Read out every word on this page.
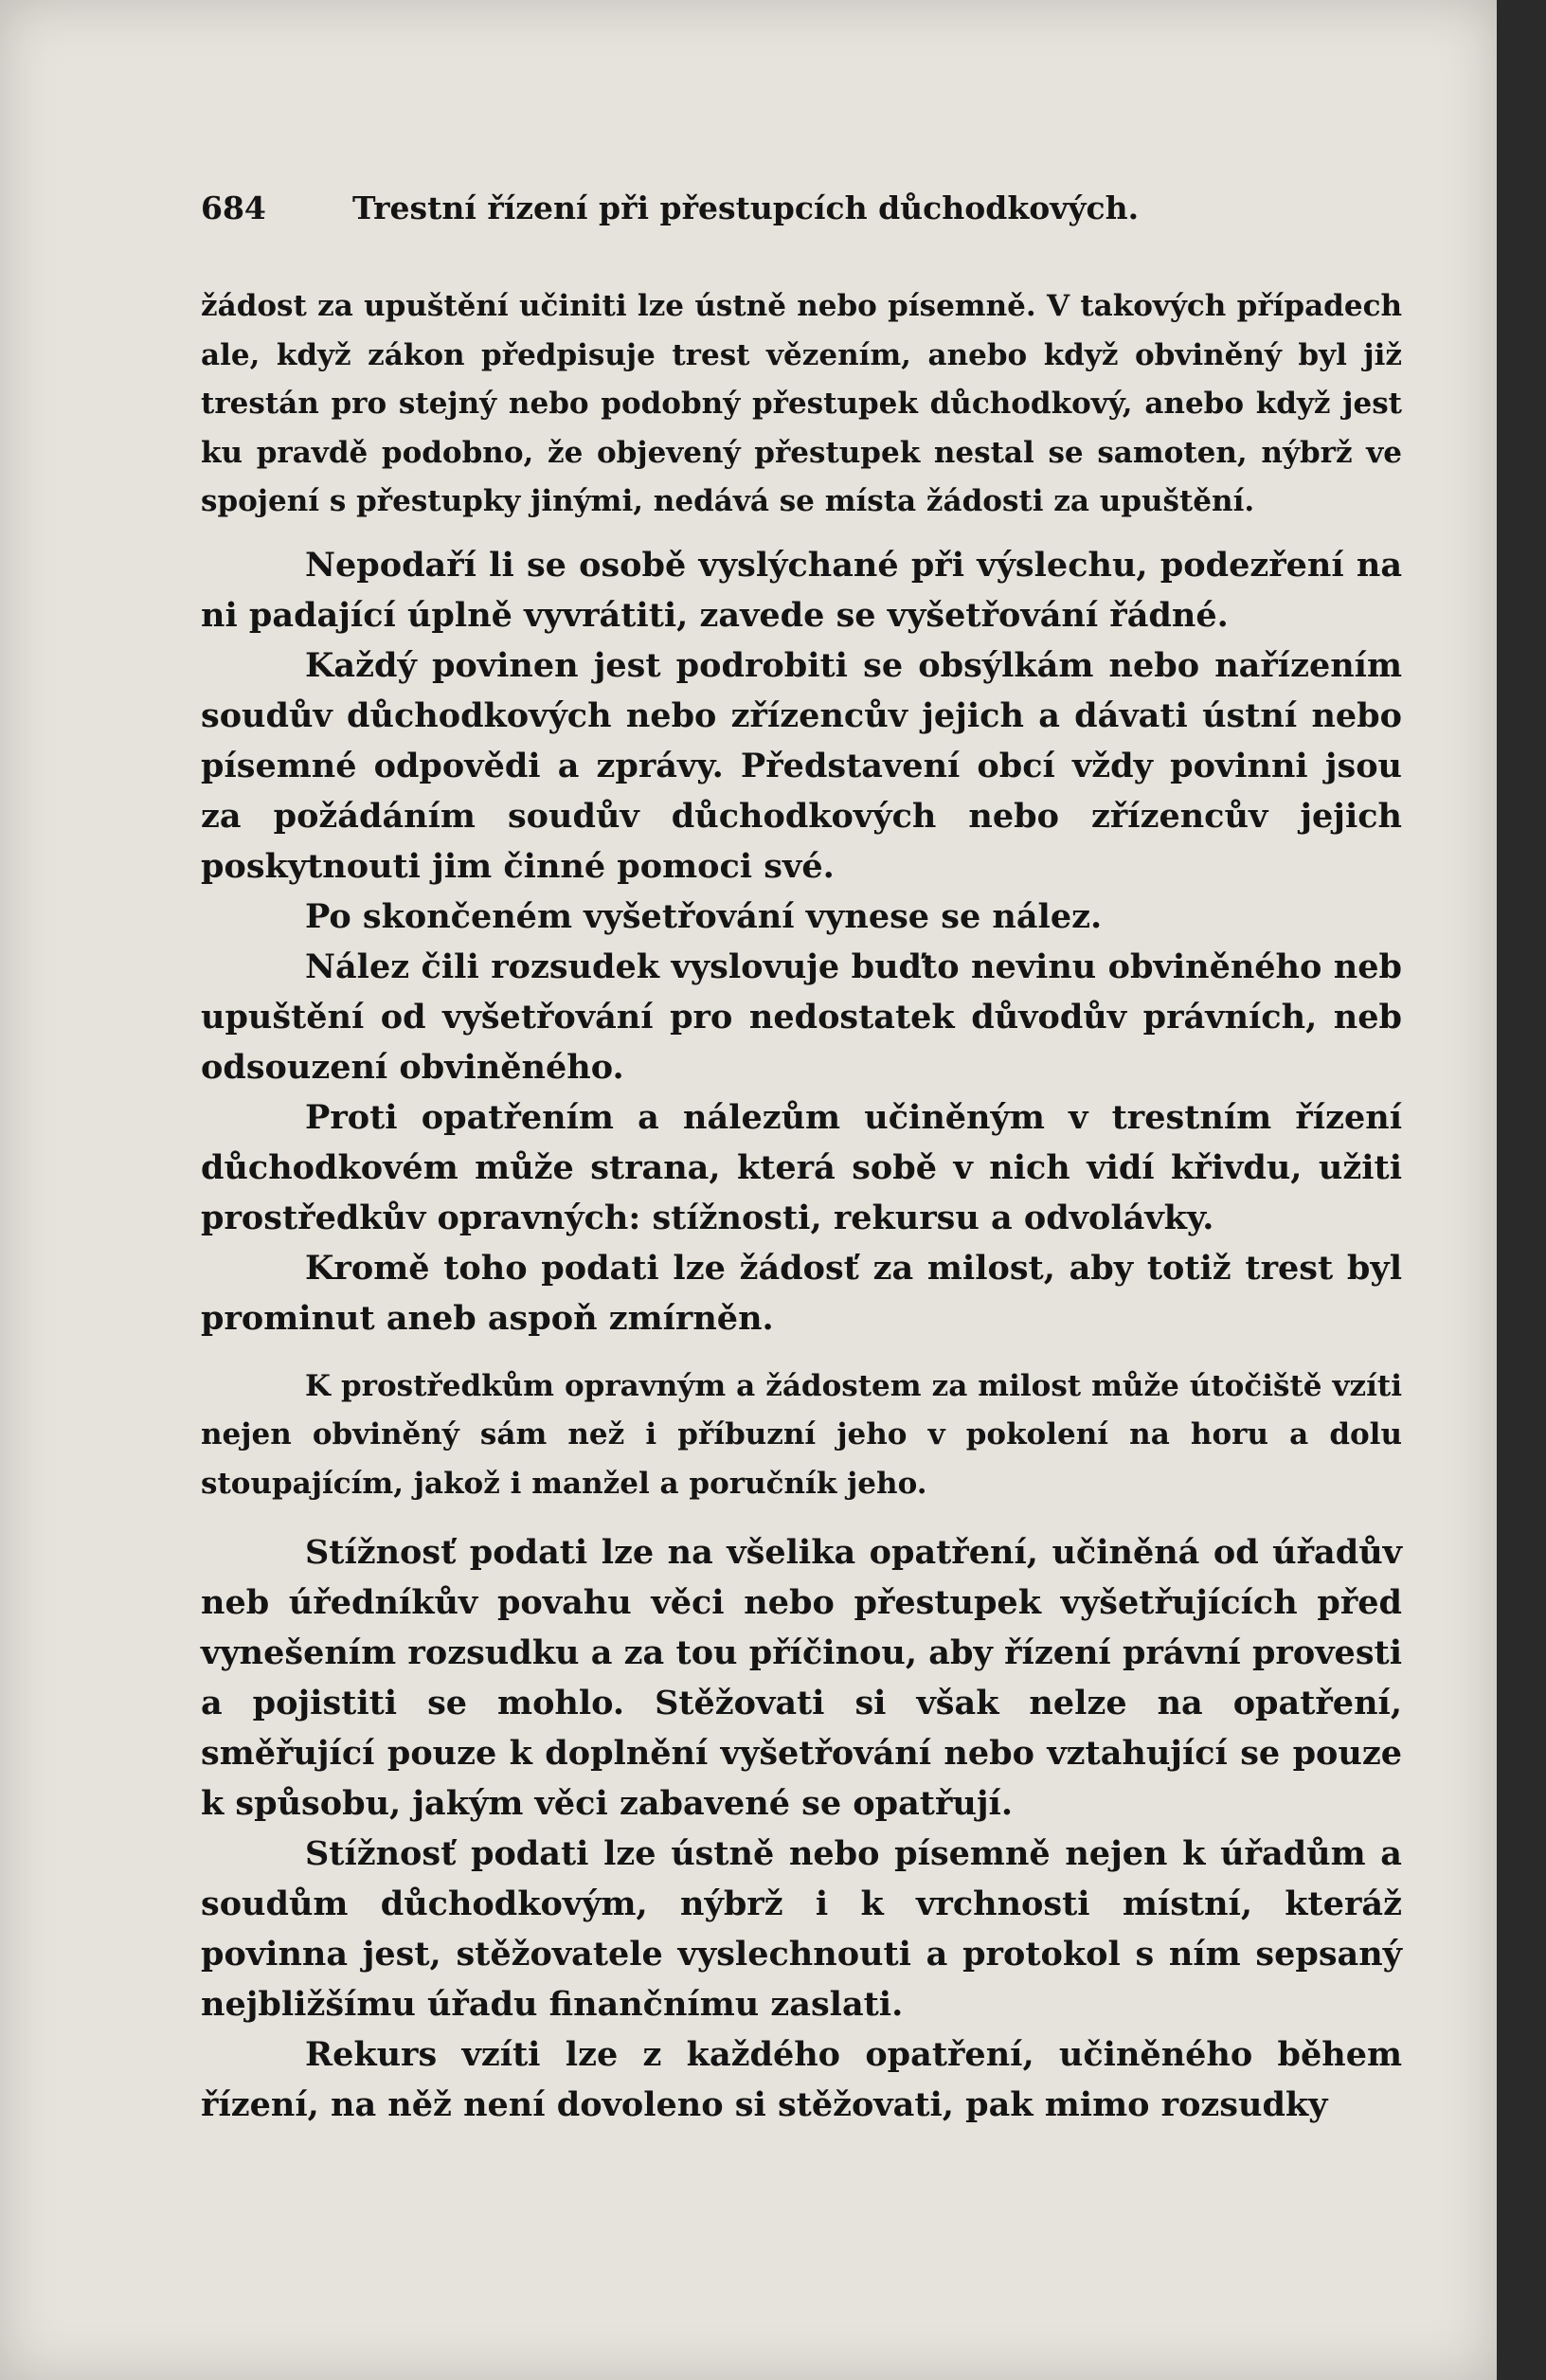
684	Trestní řízení při přestupcích důchodkových.

žádost za upuštění učiniti lze ústně nebo písemně. V takových případech ale, když zákon předpisuje trest vězením, anebo když obviněný byl již trestán pro stejný nebo podobný přestupek důchodkový, anebo když jest ku pravdě podobno, že objevený přestupek nestal se samoten, nýbrž ve spojení s přestupky jinými, nedává se místa žádosti za upuštění.

Nepodaří li se osobě vyslýchané při výslechu, podezření na ni padající úplně vyvrátiti, zavede se vyšetřování řádné.

Každý povinen jest podrobiti se obsýlkám nebo nařízením soudův důchodkových nebo zřízencův jejich a dávati ústní nebo písemné odpovědi a zprávy. Představení obcí vždy povinni jsou za požádáním soudův důchodkových nebo zřízencův jejich poskytnouti jim činné pomoci své.

Po skončeném vyšetřování vynese se nález.

Nález čili rozsudek vyslovuje buďto nevinu obviněného neb upuštění od vyšetřování pro nedostatek důvodův právních, neb odsouzení obviněného.

Proti opatřením a nálezům učiněným v trestním řízení důchodkovém může strana, která sobě v nich vidí křivdu, užiti prostředkův opravných: stížnosti, rekursu a odvolávky.

Kromě toho podati lze žádosť za milost, aby totiž trest byl prominut aneb aspoň zmírněn.

K prostředkům opravným a žádostem za milost může útočiště vzíti nejen obviněný sám než i příbuzní jeho v pokolení na horu a dolu stoupajícím, jakož i manžel a poručník jeho.

Stížnosť podati lze na všelika opatření, učiněná od úřadův neb úředníkův povahu věci nebo přestupek vyšetřujících před vynešením rozsudku a za tou příčinou, aby řízení právní provesti a pojistiti se mohlo. Stěžovati si však nelze na opatření, směřující pouze k doplnění vyšetřování nebo vztahující se pouze k spůsobu, jakým věci zabavené se opatřují.

Stížnosť podati lze ústně nebo písemně nejen k úřadům a soudům důchodkovým, nýbrž i k vrchnosti místní, kteráž povinna jest, stěžovatele vyslechnouti a protokol s ním sepsaný nejbližšímu úřadu finančnímu zaslati.

Rekurs vzíti lze z každého opatření, učiněného během řízení, na něž není dovoleno si stěžovati, pak mimo rozsudky
